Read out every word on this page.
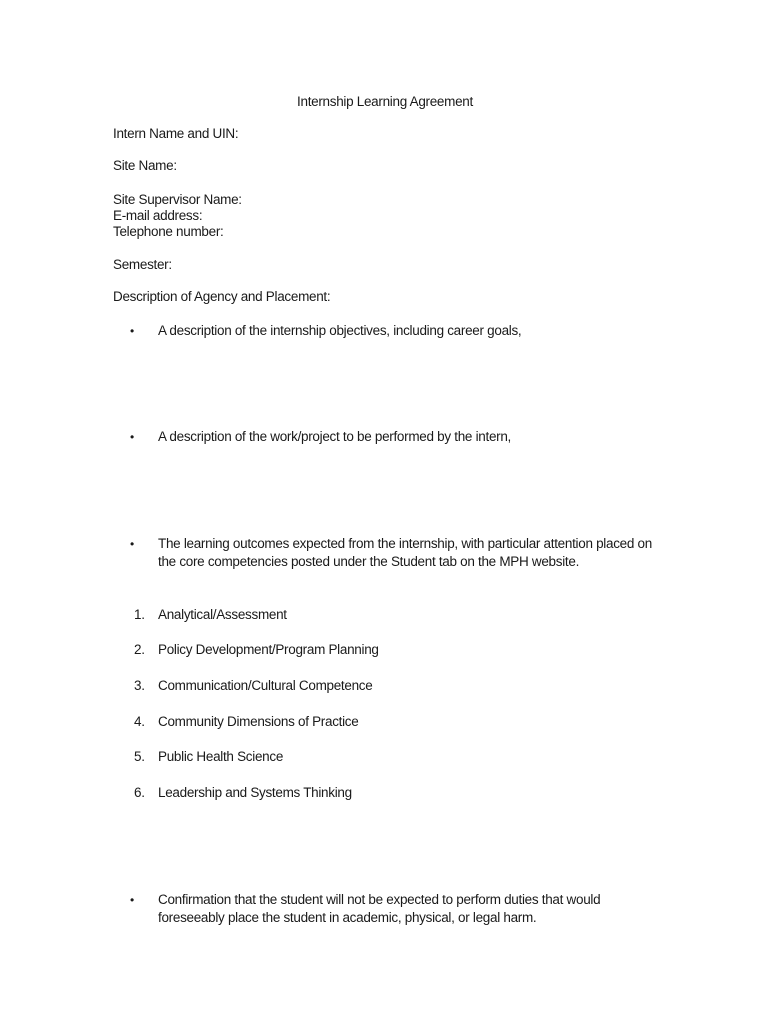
Internship Learning Agreement
Intern Name and UIN:
Site Name:
Site Supervisor Name:
E-mail address:
Telephone number:
Semester:
Description of Agency and Placement:
•	A description of the internship objectives, including career goals,
•	A description of the work/project to be performed by the intern,
•	The learning outcomes expected from the internship, with particular attention placed on the core competencies posted under the Student tab on the MPH website.
1. Analytical/Assessment
2. Policy Development/Program Planning
3. Communication/Cultural Competence
4. Community Dimensions of Practice
5. Public Health Science
6. Leadership and Systems Thinking
•	Confirmation that the student will not be expected to perform duties that would foreseeably place the student in academic, physical, or legal harm.
